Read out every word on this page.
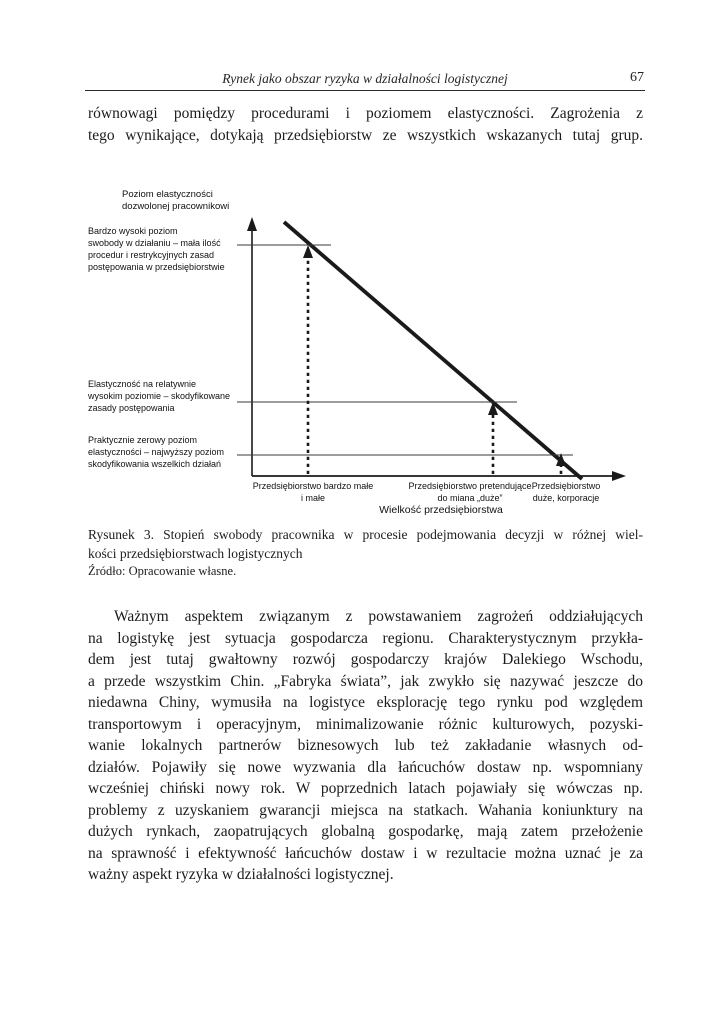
Rynek jako obszar ryzyka w działalności logistycznej	67
równowagi pomiędzy procedurami i poziomem elastyczności. Zagrożenia z
tego wynikające, dotykają przedsiębiorstw ze wszystkich wskazanych tutaj grup.
Poziom elastyczności
dozwolonej pracownikowi
Bardzo wysoki poziom
swobody w działaniu – mała ilość
procedur i restrykcyjnych zasad
postępowania w przedsiębiorstwie
Elastyczność na relatywnie
wysokim poziomie – skodyfikowane
zasady postępowania
Praktycznie zerowy poziom
elastyczności – najwyższy poziom
skodyfikowania wszelkich działań
Przedsiębiorstwo bardzo małe
i małe
Przedsiębiorstwo pretendujące
do miana „duże”
Przedsiębiorstwo
duże, korporacje
Wielkość przedsiębiorstwa
Rysunek 3. Stopień swobody pracownika w procesie podejmowania decyzji w różnej wiel-
kości przedsiębiorstwach logistycznych
Źródło: Opracowanie własne.
Ważnym aspektem związanym z powstawaniem zagrożeń oddziałujących
na logistykę jest sytuacja gospodarcza regionu. Charakterystycznym przykła-
dem jest tutaj gwałtowny rozwój gospodarczy krajów Dalekiego Wschodu,
a przede wszystkim Chin. „Fabryka świata”, jak zwykło się nazywać jeszcze do
niedawna Chiny, wymusiła na logistyce eksplorację tego rynku pod względem
transportowym i operacyjnym, minimalizowanie różnic kulturowych, pozyski-
wanie lokalnych partnerów biznesowych lub też zakładanie własnych od-
działów. Pojawiły się nowe wyzwania dla łańcuchów dostaw np. wspomniany
wcześniej chiński nowy rok. W poprzednich latach pojawiały się wówczas np.
problemy z uzyskaniem gwarancji miejsca na statkach. Wahania koniunktury na
dużych rynkach, zaopatrujących globalną gospodarkę, mają zatem przełożenie
na sprawność i efektywność łańcuchów dostaw i w rezultacie można uznać je za
ważny aspekt ryzyka w działalności logistycznej.
